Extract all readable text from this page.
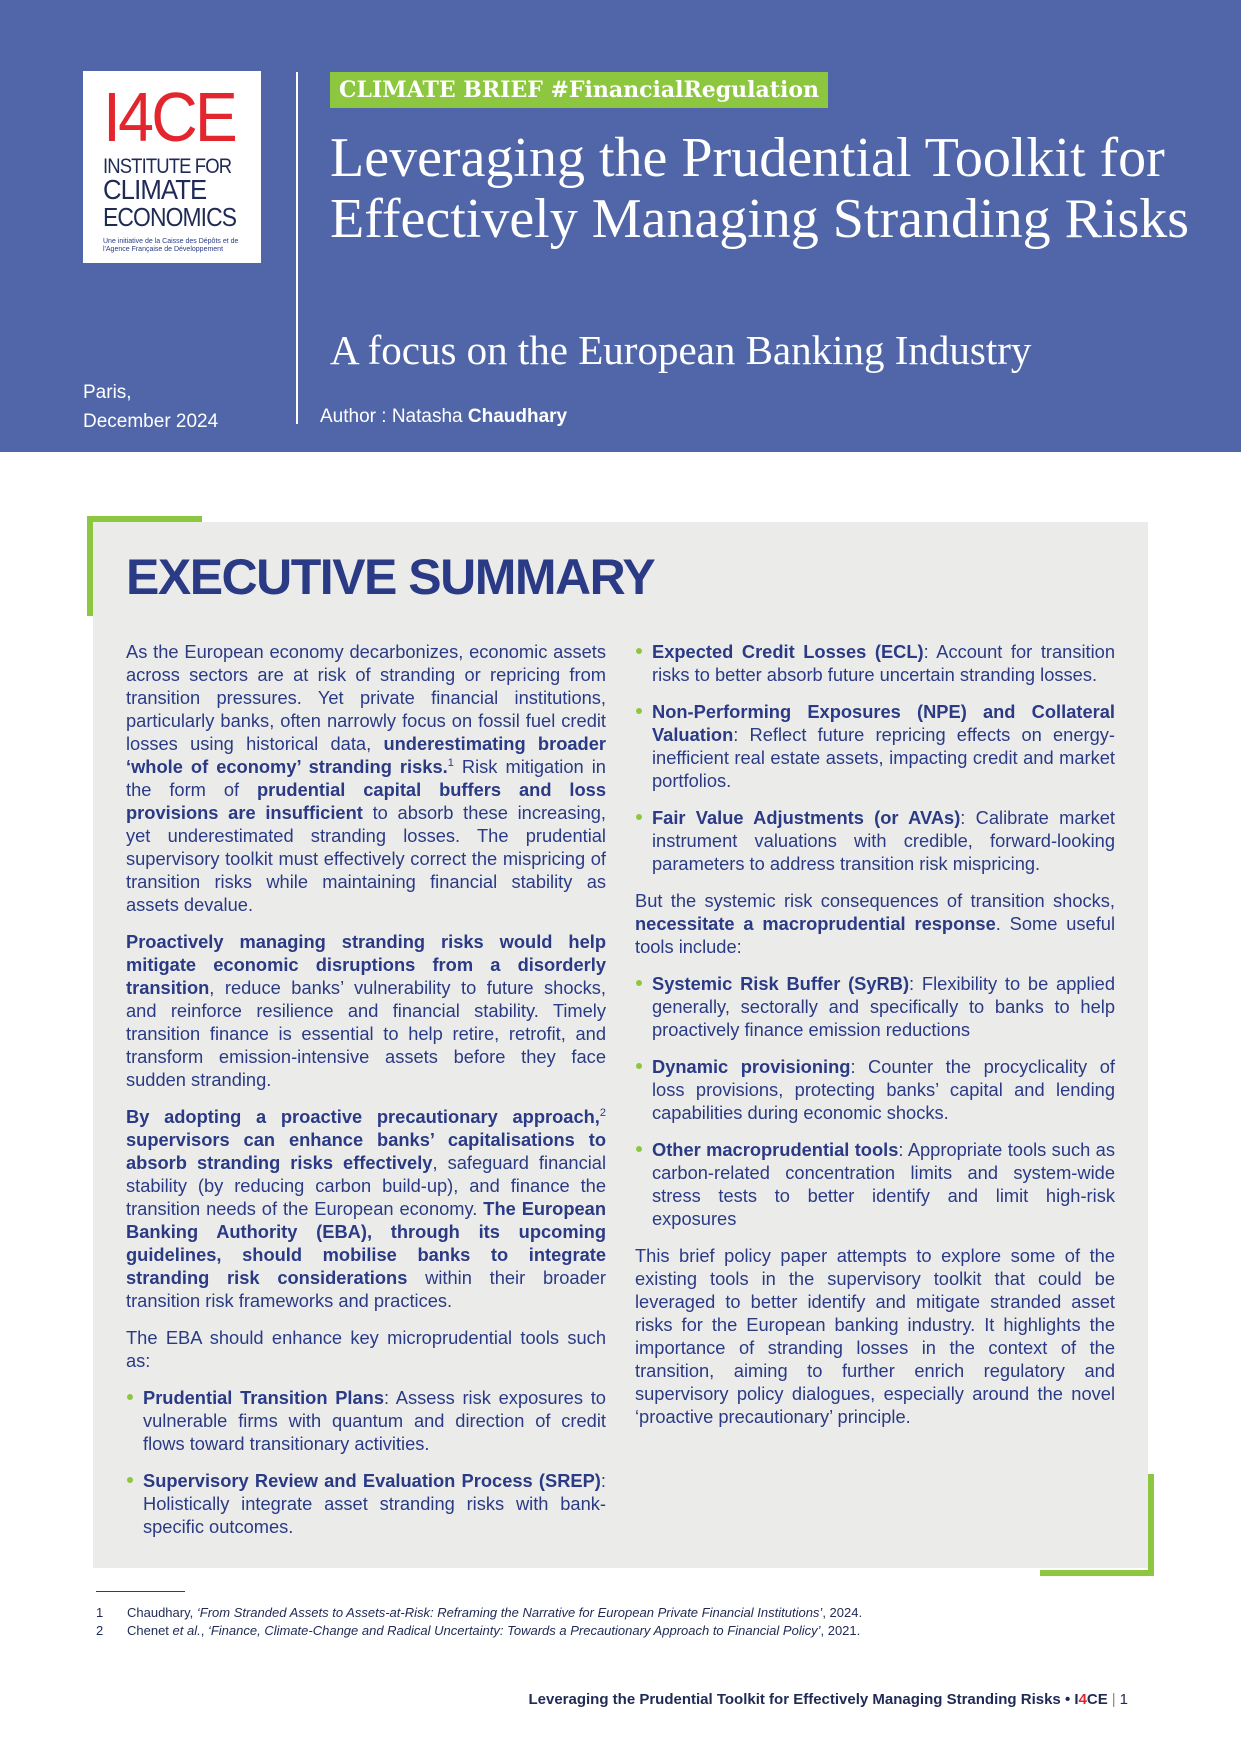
I4CE
INSTITUTE FOR
CLIMATE
ECONOMICS
Une initiative de la Caisse des Dépôts et de l'Agence Française de Développement
Paris,
December 2024
CLIMATE BRIEF #FinancialRegulation
Leveraging the Prudential Toolkit for Effectively Managing Stranding Risks
A focus on the European Banking Industry
Author : Natasha Chaudhary
EXECUTIVE SUMMARY

As the European economy decarbonizes, economic assets across sectors are at risk of stranding or repricing from transition pressures. Yet private financial institutions, particularly banks, often narrowly focus on fossil fuel credit losses using historical data, underestimating broader ‘whole of economy’ stranding risks.$^1$ Risk mitigation in the form of prudential capital buffers and loss provisions are insufficient to absorb these increasing, yet underestimated stranding losses. The prudential supervisory toolkit must effectively correct the mispricing of transition risks while maintaining financial stability as assets devalue.

Proactively managing stranding risks would help mitigate economic disruptions from a disorderly transition, reduce banks’ vulnerability to future shocks, and reinforce resilience and financial stability. Timely transition finance is essential to help retire, retrofit, and transform emission-intensive assets before they face sudden stranding.

By adopting a proactive precautionary approach,$^2$ supervisors can enhance banks’ capitalisations to absorb stranding risks effectively, safeguard financial stability (by reducing carbon build-up), and finance the transition needs of the European economy. The European Banking Authority (EBA), through its upcoming guidelines, should mobilise banks to integrate stranding risk considerations within their broader transition risk frameworks and practices.

The EBA should enhance key microprudential tools such as:

Prudential Transition Plans: Assess risk exposures to vulnerable firms with quantum and direction of credit flows toward transitionary activities.
Supervisory Review and Evaluation Process (SREP): Holistically integrate asset stranding risks with bank-specific outcomes.
Expected Credit Losses (ECL): Account for transition risks to better absorb future uncertain stranding losses.
Non-Performing Exposures (NPE) and Collateral Valuation: Reflect future repricing effects on energy-inefficient real estate assets, impacting credit and market portfolios.
Fair Value Adjustments (or AVAs): Calibrate market instrument valuations with credible, forward-looking parameters to address transition risk mispricing.

But the systemic risk consequences of transition shocks, necessitate a macroprudential response. Some useful tools include:

Systemic Risk Buffer (SyRB): Flexibility to be applied generally, sectorally and specifically to banks to help proactively finance emission reductions
Dynamic provisioning: Counter the procyclicality of loss provisions, protecting banks’ capital and lending capabilities during economic shocks.
Other macroprudential tools: Appropriate tools such as carbon-related concentration limits and system-wide stress tests to better identify and limit high-risk exposures

This brief policy paper attempts to explore some of the existing tools in the supervisory toolkit that could be leveraged to better identify and mitigate stranded asset risks for the European banking industry. It highlights the importance of stranding losses in the context of the transition, aiming to further enrich regulatory and supervisory policy dialogues, especially around the novel ‘proactive precautionary’ principle.

1 Chaudhary, ‘From Stranded Assets to Assets-at-Risk: Reframing the Narrative for European Private Financial Institutions’, 2024.
2 Chenet et al., ‘Finance, Climate-Change and Radical Uncertainty: Towards a Precautionary Approach to Financial Policy’, 2021.
Leveraging the Prudential Toolkit for Effectively Managing Stranding Risks • I4CE | 1
